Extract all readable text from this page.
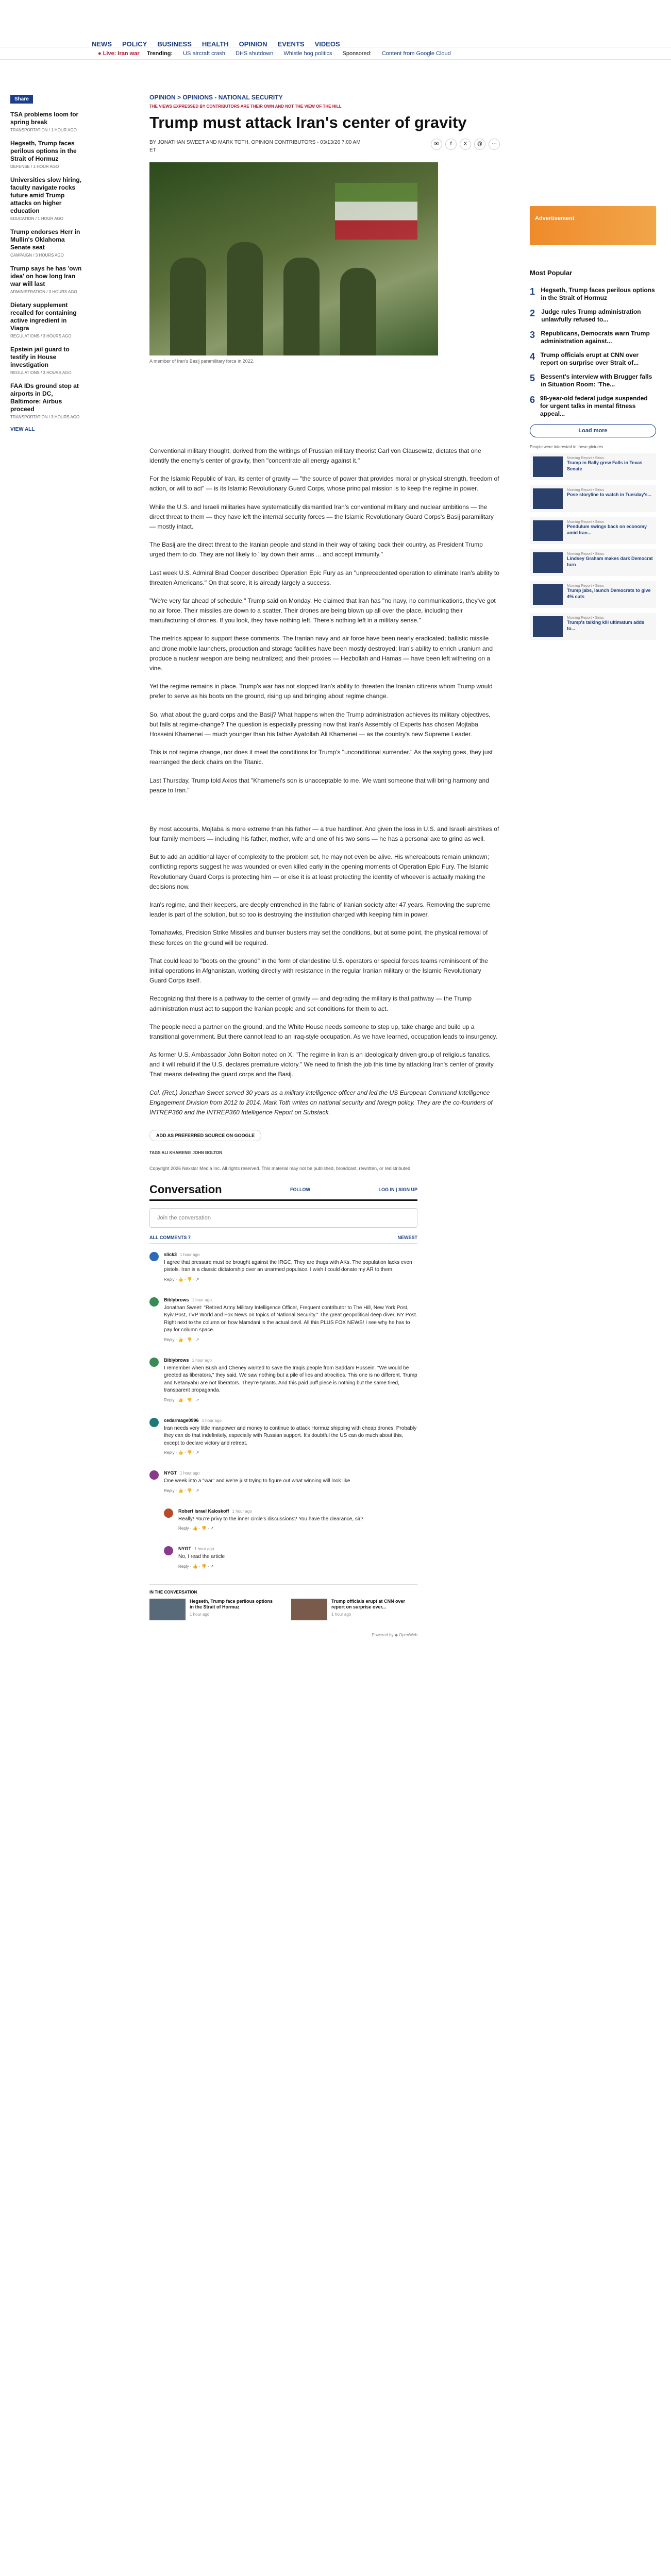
NEWS POLICY BUSINESS HEALTH OPINION EVENTS VIDEOS
● Live: Iran war Trending: US aircraft crash DHS shutdown Whistle hog politics Sponsored: Content from Google Cloud
Share
TSA problems loom for spring break
TRANSPORTATION / 1 HOUR AGO
Hegseth, Trump faces perilous options in the Strait of Hormuz
DEFENSE / 1 HOUR AGO
Universities slow hiring, faculty navigate rocks future amid Trump attacks on higher education
EDUCATION / 1 HOUR AGO
Trump endorses Herr in Mullin's Oklahoma Senate seat
CAMPAIGN / 3 HOURS AGO
Trump says he has 'own idea' on how long Iran war will last
ADMINISTRATION / 3 HOURS AGO
Dietary supplement recalled for containing active ingredient in Viagra
REGULATIONS / 3 HOURS AGO
Epstein jail guard to testify in House investigation
REGULATIONS / 3 HOURS AGO
FAA IDs ground stop at airports in DC, Baltimore: Airbus proceed
TRANSPORTATION / 3 HOURS AGO
VIEW ALL
OPINION > OPINIONS - NATIONAL SECURITY
THE VIEWS EXPRESSED BY CONTRIBUTORS ARE THEIR OWN AND NOT THE VIEW OF THE HILL
Trump must attack Iran's center of gravity
BY JONATHAN SWEET AND MARK TOTH, OPINION CONTRIBUTORS - 03/13/26 7:00 AM ET
✉	f	X	@	⋯
A member of Iran's Basij paramilitary force in 2022.

Conventional military thought, derived from the writings of Prussian military theorist Carl von Clausewitz, dictates that one identify the enemy's center of gravity, then "concentrate all energy against it."

For the Islamic Republic of Iran, its center of gravity — "the source of power that provides moral or physical strength, freedom of action, or will to act" — is its Islamic Revolutionary Guard Corps, whose principal mission is to keep the regime in power.

While the U.S. and Israeli militaries have systematically dismantled Iran's conventional military and nuclear ambitions — the direct threat to them — they have left the internal security forces — the Islamic Revolutionary Guard Corps's Basij paramilitary — mostly intact.

The Basij are the direct threat to the Iranian people and stand in their way of taking back their country, as President Trump urged them to do. They are not likely to "lay down their arms ... and accept immunity."

Last week U.S. Admiral Brad Cooper described Operation Epic Fury as an "unprecedented operation to eliminate Iran's ability to threaten Americans." On that score, it is already largely a success.

"We're very far ahead of schedule," Trump said on Monday. He claimed that Iran has "no navy, no communications, they've got no air force. Their missiles are down to a scatter. Their drones are being blown up all over the place, including their manufacturing of drones. If you look, they have nothing left. There's nothing left in a military sense."

The metrics appear to support these comments. The Iranian navy and air force have been nearly eradicated; ballistic missile and drone mobile launchers, production and storage facilities have been mostly destroyed; Iran's ability to enrich uranium and produce a nuclear weapon are being neutralized; and their proxies — Hezbollah and Hamas — have been left withering on a vine.

Yet the regime remains in place. Trump's war has not stopped Iran's ability to threaten the Iranian citizens whom Trump would prefer to serve as his boots on the ground, rising up and bringing about regime change.

So, what about the guard corps and the Basij? What happens when the Trump administration achieves its military objectives, but fails at regime-change? The question is especially pressing now that Iran's Assembly of Experts has chosen Mojtaba Hosseini Khamenei — much younger than his father Ayatollah Ali Khamenei — as the country's new Supreme Leader.

This is not regime change, nor does it meet the conditions for Trump's "unconditional surrender." As the saying goes, they just rearranged the deck chairs on the Titanic.

Last Thursday, Trump told Axios that "Khamenei's son is unacceptable to me. We want someone that will bring harmony and peace to Iran."

By most accounts, Mojtaba is more extreme than his father — a true hardliner. And given the loss in U.S. and Israeli airstrikes of four family members — including his father, mother, wife and one of his two sons — he has a personal axe to grind as well.

But to add an additional layer of complexity to the problem set, he may not even be alive. His whereabouts remain unknown; conflicting reports suggest he was wounded or even killed early in the opening moments of Operation Epic Fury. The Islamic Revolutionary Guard Corps is protecting him — or else it is at least protecting the identity of whoever is actually making the decisions now.

Iran's regime, and their keepers, are deeply entrenched in the fabric of Iranian society after 47 years. Removing the supreme leader is part of the solution, but so too is destroying the institution charged with keeping him in power.

Tomahawks, Precision Strike Missiles and bunker busters may set the conditions, but at some point, the physical removal of these forces on the ground will be required.

That could lead to "boots on the ground" in the form of clandestine U.S. operators or special forces teams reminiscent of the initial operations in Afghanistan, working directly with resistance in the regular Iranian military or the Islamic Revolutionary Guard Corps itself.

Recognizing that there is a pathway to the center of gravity — and degrading the military is that pathway — the Trump administration must act to support the Iranian people and set conditions for them to act.

The people need a partner on the ground, and the White House needs someone to step up, take charge and build up a transitional government. But there cannot lead to an Iraq-style occupation. As we have learned, occupation leads to insurgency.

As former U.S. Ambassador John Bolton noted on X, "The regime in Iran is an ideologically driven group of religious fanatics, and it will rebuild if the U.S. declares premature victory." We need to finish the job this time by attacking Iran's center of gravity. That means defeating the guard corps and the Basij.

Col. (Ret.) Jonathan Sweet served 30 years as a military intelligence officer and led the US European Command Intelligence Engagement Division from 2012 to 2014. Mark Toth writes on national security and foreign policy. They are the co-founders of INTREP360 and the INTREP360 Intelligence Report on Substack.

ADD AS PREFERRED SOURCE ON GOOGLE
TAGS ALI KHAMENEI JOHN BOLTON
Copyright 2026 Nexstar Media Inc. All rights reserved. This material may not be published, broadcast, rewritten, or redistributed.
Conversation	FOLLOW	LOG IN | SIGN UP
Join the conversation
ALL COMMENTS 7	NEWEST
slick3 1 hour ago
I agree that pressure must be brought against the IRGC. They are thugs with AKs. The population lacks even pistols. Iran is a classic dictatorship over an unarmed populace. I wish I could donate my AR to them.
Reply · 👍 · 👎 · ↗
Biblybrows 1 hour ago
Jonathan Sweet: "Retired Army Military Intelligence Officer, Frequent contributor to The Hill, New York Post, Kyiv Post, TVP World and Fox News on topics of National Security." The great geopolitical deep diver, NY Post. Right next to the column on how Mamdani is the actual devil. All this PLUS FOX NEWS! I see why he has to pay for column space.
Reply · 👍 · 👎 · ↗
Biblybrows 1 hour ago
I remember when Bush and Cheney wanted to save the Iraqis people from Saddam Hussein. "We would be greeted as liberators," they said. We saw nothing but a pile of lies and atrocities. This one is no different. Trump and Netanyahu are not liberators. They're tyrants. And this paid puff piece is nothing but the same tired, transparent propaganda.
Reply · 👍 · 👎 · ↗
cedarmage0996 1 hour ago
Iran needs very little manpower and money to continue to attack Hormuz shipping with cheap drones. Probably they can do that indefinitely, especially with Russian support. It's doubtful the US can do much about this, except to declare victory and retreat.
Reply · 👍 · 👎 · ↗
NYGT 1 hour ago
One week into a "war" and we're just trying to figure out what winning will look like
Reply · 👍 · 👎 · ↗
Robert Israel Kaloskoff 1 hour ago
Really! You're privy to the inner circle's discussions? You have the clearance, sir?
Reply · 👍 · 👎 · ↗
NYGT 1 hour ago
No, I read the article
Reply · 👍 · 👎 · ↗
IN THE CONVERSATION
Hegseth, Trump face perilous options in the Strait of Hormuz
1 hour ago
Trump officials erupt at CNN over report on surprise over...
1 hour ago
Powered by ◆ OpenWeb
Advertisement
Most Popular
1 Hegseth, Trump faces perilous options in the Strait of Hormuz
2 Judge rules Trump administration unlawfully refused to...
3 Republicans, Democrats warn Trump administration against...
4 Trump officials erupt at CNN over report on surprise over Strait of...
5 Bessent's interview with Brugger falls in Situation Room: 'The...
6 98-year-old federal judge suspended for urgent talks in mental fitness appeal...
Load more
People were interested in these pictures
Morning Report • Sirius
Trump in Rally grew Falls in Texas Senate
Morning Report • Sirius
Pose storyline to watch in Tuesday's...
Morning Report • Sirius
Pendulum swings back on economy amid Iran...
Morning Report • Sirius
Lindsey Graham makes dark Democrat turn
Morning Report • Sirius
Trump jabs, launch Democrats to give 4% cuts
Morning Report • Sirius
Trump's talking kill ultimatum adds to...
